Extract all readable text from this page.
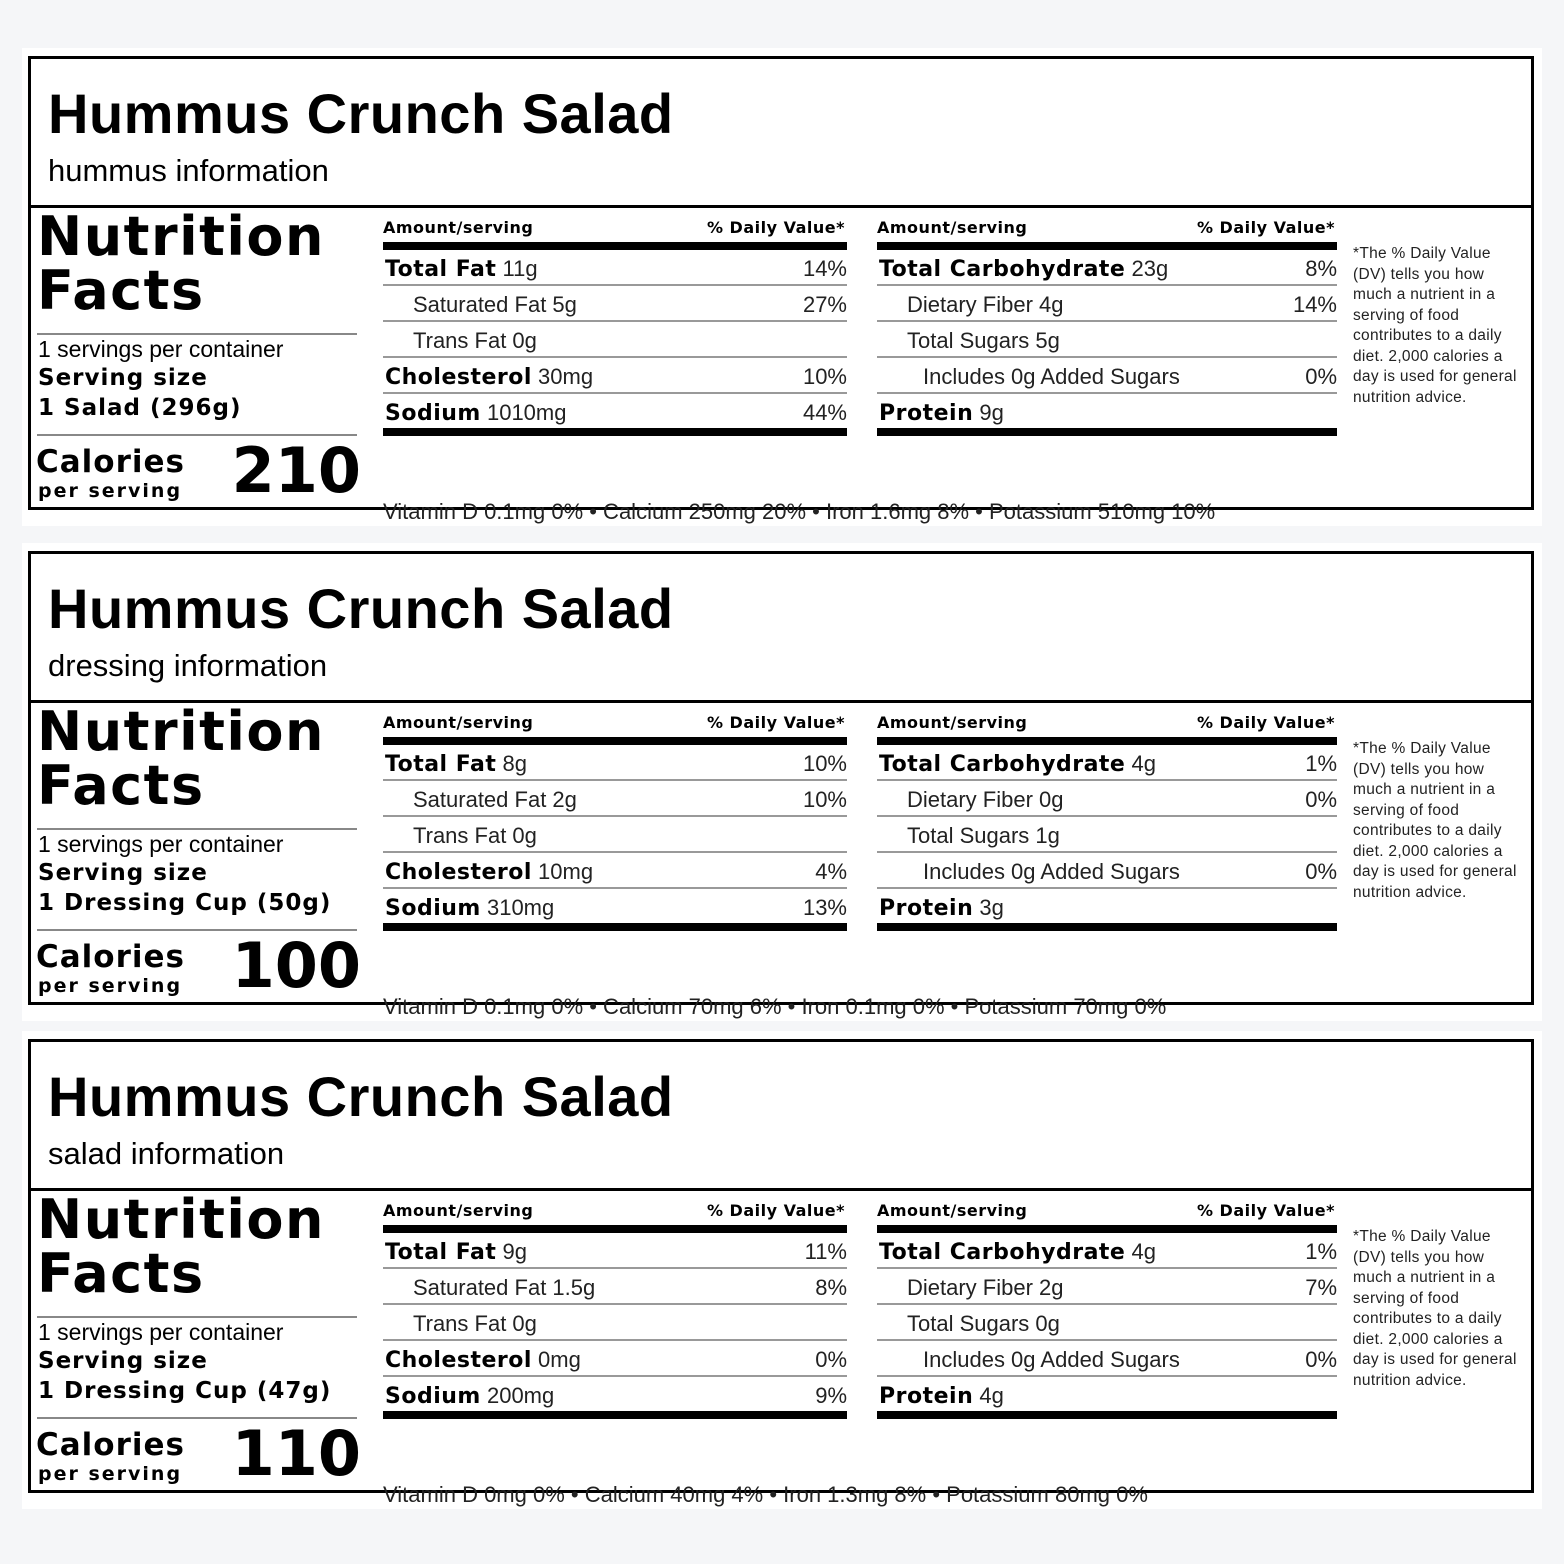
Hummus Crunch Salad
hummus information
Nutrition Facts
1 servings per container
Serving size
1 Salad (296g)
Calories
per serving 210
Amount/serving	% Daily Value*
Total Fat 11g	14%
Saturated Fat 5g	27%
Trans Fat 0g
Cholesterol 30mg	10%
Sodium 1010mg	44%
Amount/serving	% Daily Value*
Total Carbohydrate 23g	8%
Dietary Fiber 4g	14%
Total Sugars 5g
Includes 0g Added Sugars	0%
Protein 9g
Vitamin D 0.1mg 0% • Calcium 250mg 20% • Iron 1.6mg 8% • Potassium 510mg 10%
*The % Daily Value (DV) tells you how much a nutrient in a serving of food contributes to a daily diet. 2,000 calories a day is used for general nutrition advice.
Hummus Crunch Salad
dressing information
Nutrition Facts
1 servings per container
Serving size
1 Dressing Cup (50g)
Calories
per serving 100
Amount/serving	% Daily Value*
Total Fat 8g	10%
Saturated Fat 2g	10%
Trans Fat 0g
Cholesterol 10mg	4%
Sodium 310mg	13%
Amount/serving	% Daily Value*
Total Carbohydrate 4g	1%
Dietary Fiber 0g	0%
Total Sugars 1g
Includes 0g Added Sugars	0%
Protein 3g
Vitamin D 0.1mg 0% • Calcium 70mg 6% • Iron 0.1mg 0% • Potassium 70mg 0%
*The % Daily Value (DV) tells you how much a nutrient in a serving of food contributes to a daily diet. 2,000 calories a day is used for general nutrition advice.
Hummus Crunch Salad
salad information
Nutrition Facts
1 servings per container
Serving size
1 Dressing Cup (47g)
Calories
per serving 110
Amount/serving	% Daily Value*
Total Fat 9g	11%
Saturated Fat 1.5g	8%
Trans Fat 0g
Cholesterol 0mg	0%
Sodium 200mg	9%
Amount/serving	% Daily Value*
Total Carbohydrate 4g	1%
Dietary Fiber 2g	7%
Total Sugars 0g
Includes 0g Added Sugars	0%
Protein 4g
Vitamin D 0mg 0% • Calcium 40mg 4% • Iron 1.3mg 8% • Potassium 80mg 0%
*The % Daily Value (DV) tells you how much a nutrient in a serving of food contributes to a daily diet. 2,000 calories a day is used for general nutrition advice.
